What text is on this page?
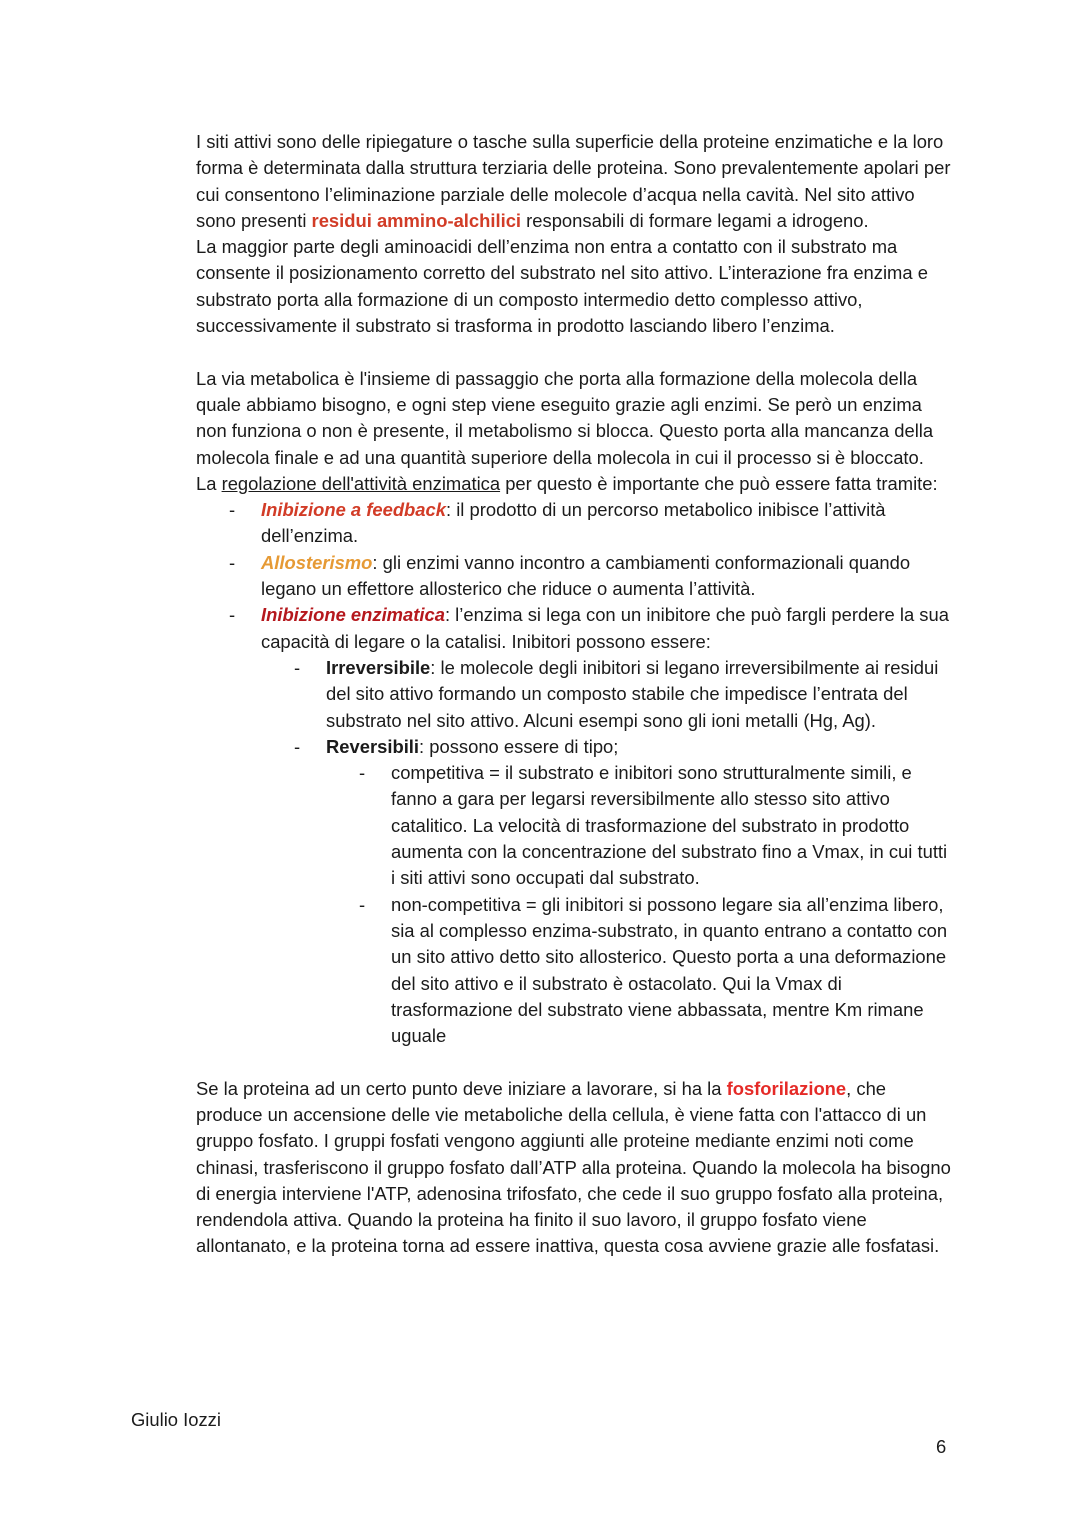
I siti attivi sono delle ripiegature o tasche sulla superficie della proteine enzimatiche e la loro forma è determinata dalla struttura terziaria delle proteina. Sono prevalentemente apolari per cui consentono l’eliminazione parziale delle molecole d’acqua nella cavità. Nel sito attivo sono presenti residui ammino-alchilici responsabili di formare legami a idrogeno.

La maggior parte degli aminoacidi dell’enzima non entra a contatto con il substrato ma consente il posizionamento corretto del substrato nel sito attivo. L’interazione fra enzima e substrato porta alla formazione di un composto intermedio detto complesso attivo, successivamente il substrato si trasforma in prodotto lasciando libero l’enzima.

La via metabolica è l'insieme di passaggio che porta alla formazione della molecola della quale abbiamo bisogno, e ogni step viene eseguito grazie agli enzimi. Se però un enzima non funziona o non è presente, il metabolismo si blocca. Questo porta alla mancanza della molecola finale e ad una quantità superiore della molecola in cui il processo si è bloccato.

La regolazione dell'attività enzimatica per questo è importante che può essere fatta tramite:

- Inibizione a feedback: il prodotto di un percorso metabolico inibisce l’attività dell’enzima.
- Allosterismo: gli enzimi vanno incontro a cambiamenti conformazionali quando legano un effettore allosterico che riduce o aumenta l’attività.
- Inibizione enzimatica: l’enzima si lega con un inibitore che può fargli perdere la sua capacità di legare o la catalisi. Inibitori possono essere:
- Irreversibile: le molecole degli inibitori si legano irreversibilmente ai residui del sito attivo formando un composto stabile che impedisce l’entrata del substrato nel sito attivo. Alcuni esempi sono gli ioni metalli (Hg, Ag).
- Reversibili: possono essere di tipo;
- competitiva = il substrato e inibitori sono strutturalmente simili, e fanno a gara per legarsi reversibilmente allo stesso sito attivo catalitico. La velocità di trasformazione del substrato in prodotto aumenta con la concentrazione del substrato fino a Vmax, in cui tutti i siti attivi sono occupati dal substrato.
- non-competitiva = gli inibitori si possono legare sia all’enzima libero, sia al complesso enzima-substrato, in quanto entrano a contatto con un sito attivo detto sito allosterico. Questo porta a una deformazione del sito attivo e il substrato è ostacolato. Qui la Vmax di trasformazione del substrato viene abbassata, mentre Km rimane uguale

Se la proteina ad un certo punto deve iniziare a lavorare, si ha la fosforilazione, che produce un accensione delle vie metaboliche della cellula, è viene fatta con l'attacco di un gruppo fosfato. I gruppi fosfati vengono aggiunti alle proteine mediante enzimi noti come chinasi, trasferiscono il gruppo fosfato dall’ATP alla proteina. Quando la molecola ha bisogno di energia interviene l'ATP, adenosina trifosfato, che cede il suo gruppo fosfato alla proteina, rendendola attiva. Quando la proteina ha finito il suo lavoro, il gruppo fosfato viene allontanato, e la proteina torna ad essere inattiva, questa cosa avviene grazie alle fosfatasi.

Giulio Iozzi
6
